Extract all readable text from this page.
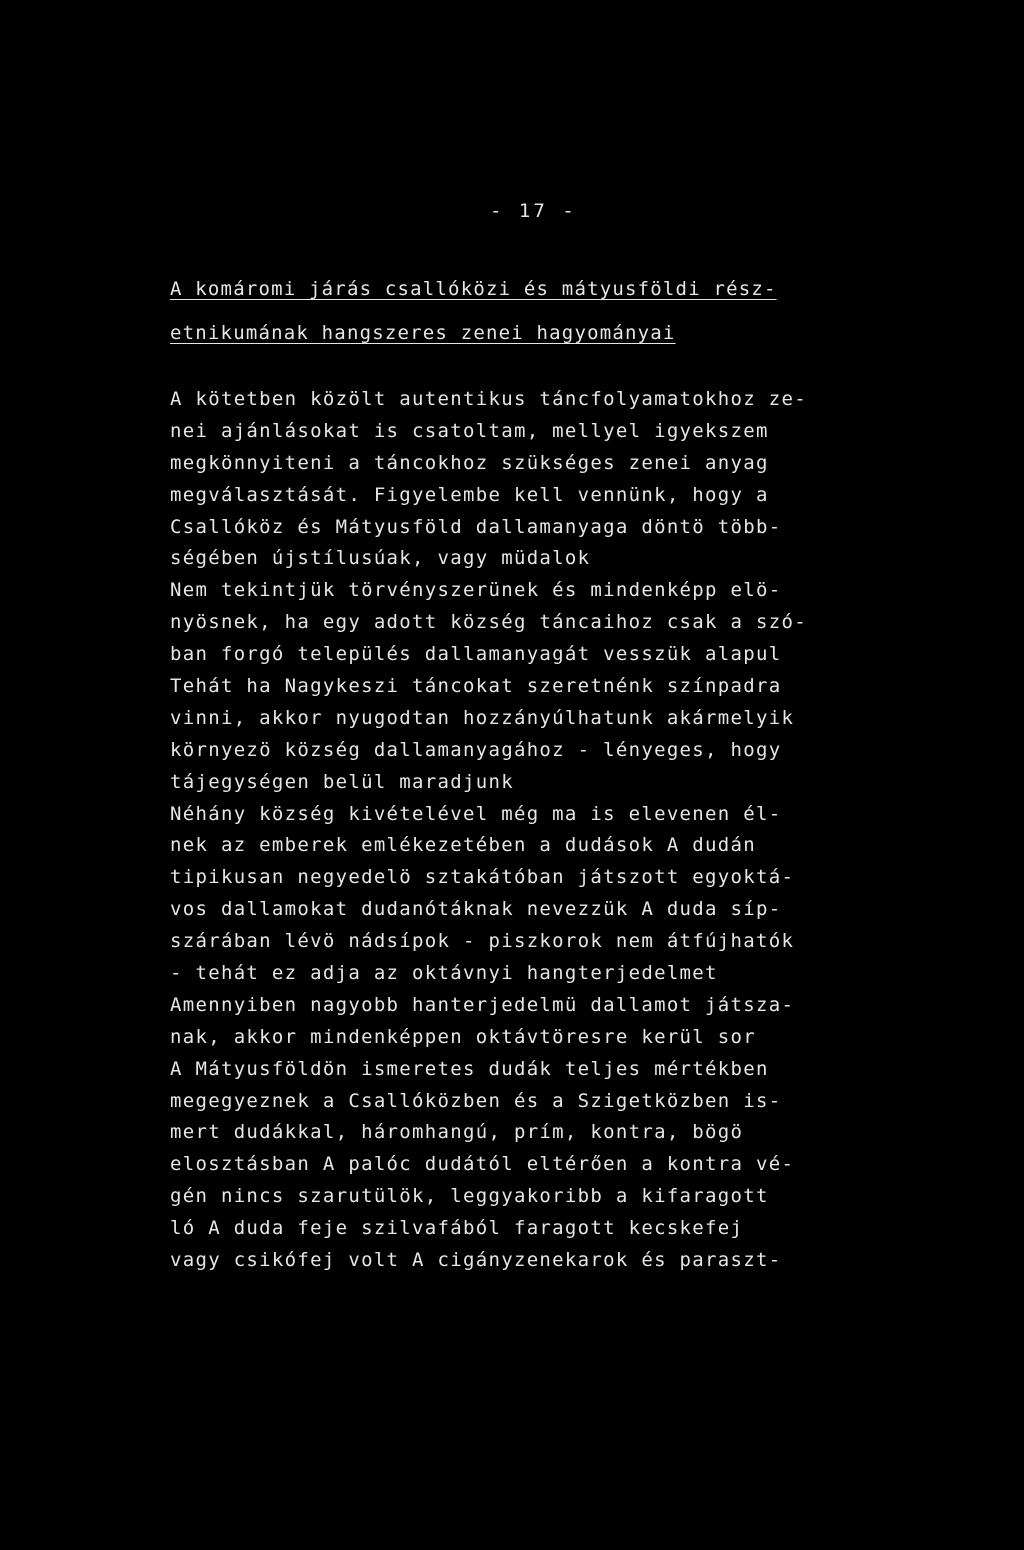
- 17 -
A komáromi járás csallóközi és mátyusföldi rész-
etnikumának hangszeres zenei hagyományai
A kötetben közölt autentikus táncfolyamatokhoz ze-
nei ajánlásokat is csatoltam, mellyel igyekszem
megkönnyiteni a táncokhoz szükséges zenei anyag
megválasztását. Figyelembe kell vennünk, hogy a
Csallóköz és Mátyusföld dallamanyaga döntö több-
ségében újstílusúak, vagy müdalok
Nem tekintjük törvényszerünek és mindenképp elö-
nyösnek, ha egy adott község táncaihoz csak a szó-
ban forgó település dallamanyagát vesszük alapul
Tehát ha Nagykeszi táncokat szeretnénk színpadra
vinni, akkor nyugodtan hozzányúlhatunk akármelyik
környezö község dallamanyagához - lényeges, hogy
tájegységen belül maradjunk
Néhány község kivételével még ma is elevenen él-
nek az emberek emlékezetében a dudások A dudán
tipikusan negyedelö sztakátóban játszott egyoktá-
vos dallamokat dudanótáknak nevezzük A duda síp-
szárában lévö nádsípok - piszkorok nem átfújhatók
- tehát ez adja az oktávnyi hangterjedelmet
Amennyiben nagyobb hanterjedelmü dallamot játsza-
nak, akkor mindenképpen oktávtöresre kerül sor
A Mátyusföldön ismeretes dudák teljes mértékben
megegyeznek a Csallóközben és a Szigetközben is-
mert dudákkal, háromhangú, prím, kontra, bögö
elosztásban A palóc dudától eltérően a kontra vé-
gén nincs szarutülök, leggyakoribb a kifaragott
ló A duda feje szilvafából faragott kecskefej
vagy csikófej volt A cigányzenekarok és paraszt-
